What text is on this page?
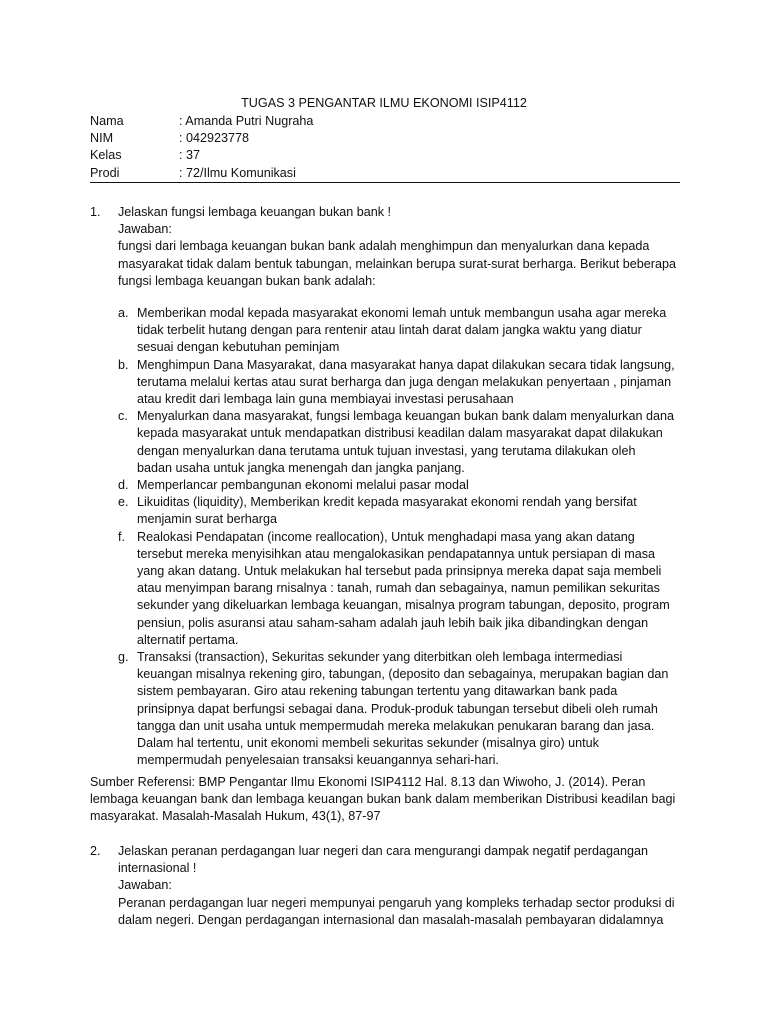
TUGAS 3 PENGANTAR ILMU EKONOMI ISIP4112
Nama	: Amanda Putri Nugraha
NIM	: 042923778
Kelas	: 37
Prodi	: 72/Ilmu Komunikasi
1. Jelaskan fungsi lembaga keuangan bukan bank !
Jawaban:
fungsi dari lembaga keuangan bukan bank adalah menghimpun dan menyalurkan dana kepada
masyarakat tidak dalam bentuk tabungan, melainkan berupa surat-surat berharga. Berikut beberapa
fungsi lembaga keuangan bukan bank adalah:
a. Memberikan modal kepada masyarakat ekonomi lemah untuk membangun usaha agar mereka
tidak terbelit hutang dengan para rentenir atau lintah darat dalam jangka waktu yang diatur
sesuai dengan kebutuhan peminjam
b. Menghimpun Dana Masyarakat, dana masyarakat hanya dapat dilakukan secara tidak langsung,
terutama melalui kertas atau surat berharga dan juga dengan melakukan penyertaan , pinjaman
atau kredit dari lembaga lain guna membiayai investasi perusahaan
c. Menyalurkan dana masyarakat, fungsi lembaga keuangan bukan bank dalam menyalurkan dana
kepada masyarakat untuk mendapatkan distribusi keadilan dalam masyarakat dapat dilakukan
dengan menyalurkan dana terutama untuk tujuan investasi, yang terutama dilakukan oleh
badan usaha untuk jangka menengah dan jangka panjang.
d. Memperlancar pembangunan ekonomi melalui pasar modal
e. Likuiditas (liquidity), Memberikan kredit kepada masyarakat ekonomi rendah yang bersifat
menjamin surat berharga
f. Realokasi Pendapatan (income reallocation), Untuk menghadapi masa yang akan datang
tersebut mereka menyisihkan atau mengalokasikan pendapatannya untuk persiapan di masa
yang akan datang. Untuk melakukan hal tersebut pada prinsipnya mereka dapat saja membeli
atau menyimpan barang rnisalnya : tanah, rumah dan sebagainya, namun pemilikan sekuritas
sekunder yang dikeluarkan lembaga keuangan, misalnya program tabungan, deposito, program
pensiun, polis asuransi atau saham-saham adalah jauh lebih baik jika dibandingkan dengan
alternatif pertama.
g. Transaksi (transaction), Sekuritas sekunder yang diterbitkan oleh lembaga intermediasi
keuangan misalnya rekening giro, tabungan, (deposito dan sebagainya, merupakan bagian dan
sistem pembayaran. Giro atau rekening tabungan tertentu yang ditawarkan bank pada
prinsipnya dapat berfungsi sebagai dana. Produk-produk tabungan tersebut dibeli oleh rumah
tangga dan unit usaha untuk mempermudah mereka melakukan penukaran barang dan jasa.
Dalam hal tertentu, unit ekonomi membeli sekuritas sekunder (misalnya giro) untuk
mempermudah penyelesaian transaksi keuangannya sehari-hari.
Sumber Referensi: BMP Pengantar Ilmu Ekonomi ISIP4112 Hal. 8.13 dan Wiwoho, J. (2014). Peran
lembaga keuangan bank dan lembaga keuangan bukan bank dalam memberikan Distribusi keadilan bagi
masyarakat. Masalah-Masalah Hukum, 43(1), 87-97
2. Jelaskan peranan perdagangan luar negeri dan cara mengurangi dampak negatif perdagangan
internasional !
Jawaban:
Peranan perdagangan luar negeri mempunyai pengaruh yang kompleks terhadap sector produksi di
dalam negeri. Dengan perdagangan internasional dan masalah-masalah pembayaran didalamnya
